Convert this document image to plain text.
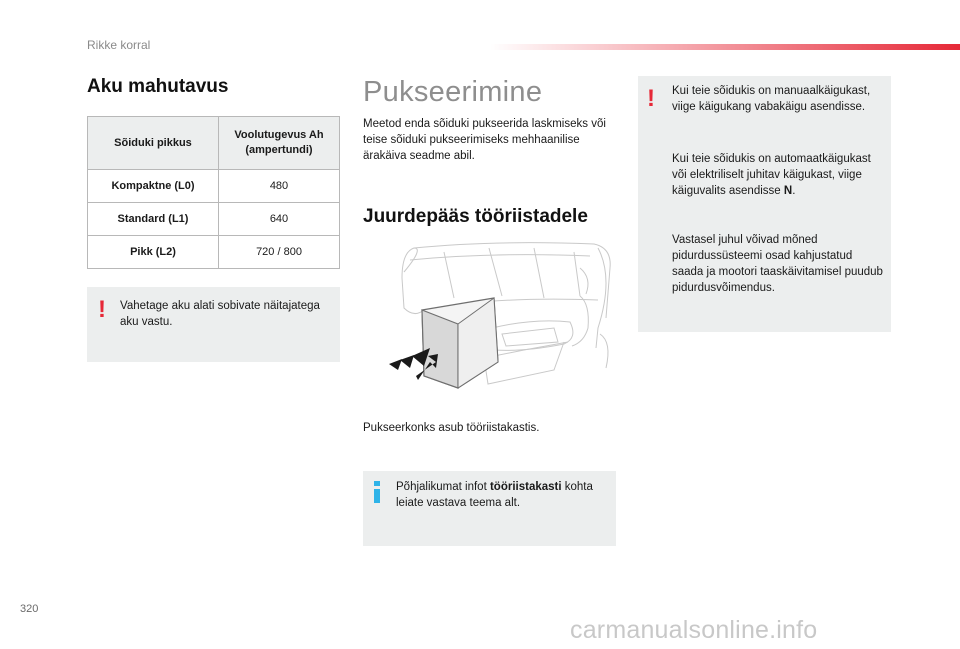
Rikke korral
Aku mahutavus
Sõiduki pikkus	Voolutugevus Ah (ampertundi)
Kompaktne (L0)	480
Standard (L1)	640
Pikk (L2)	720 / 800
! Vahetage aku alati sobivate näitajatega aku vastu.
Pukseerimine
Meetod enda sõiduki pukseerida laskmiseks või teise sõiduki pukseerimiseks mehhaanilise ärakäiva seadme abil.
Juurdepääs tööriistadele
Pukseerkonks asub tööriistakastis.
Põhjalikumat infot tööriistakasti kohta leiate vastava teema alt.
! Kui teie sõidukis on manuaalkäigukast, viige käigukang vabakäigu asendisse.
Kui teie sõidukis on automaatkäigukast või elektriliselt juhitav käigukast, viige käiguvalits asendisse N.
Vastasel juhul võivad mõned pidurdussüsteemi osad kahjustatud saada ja mootori taaskäivitamisel puudub pidurdusvõimendus.
320
carmanualsonline.info
